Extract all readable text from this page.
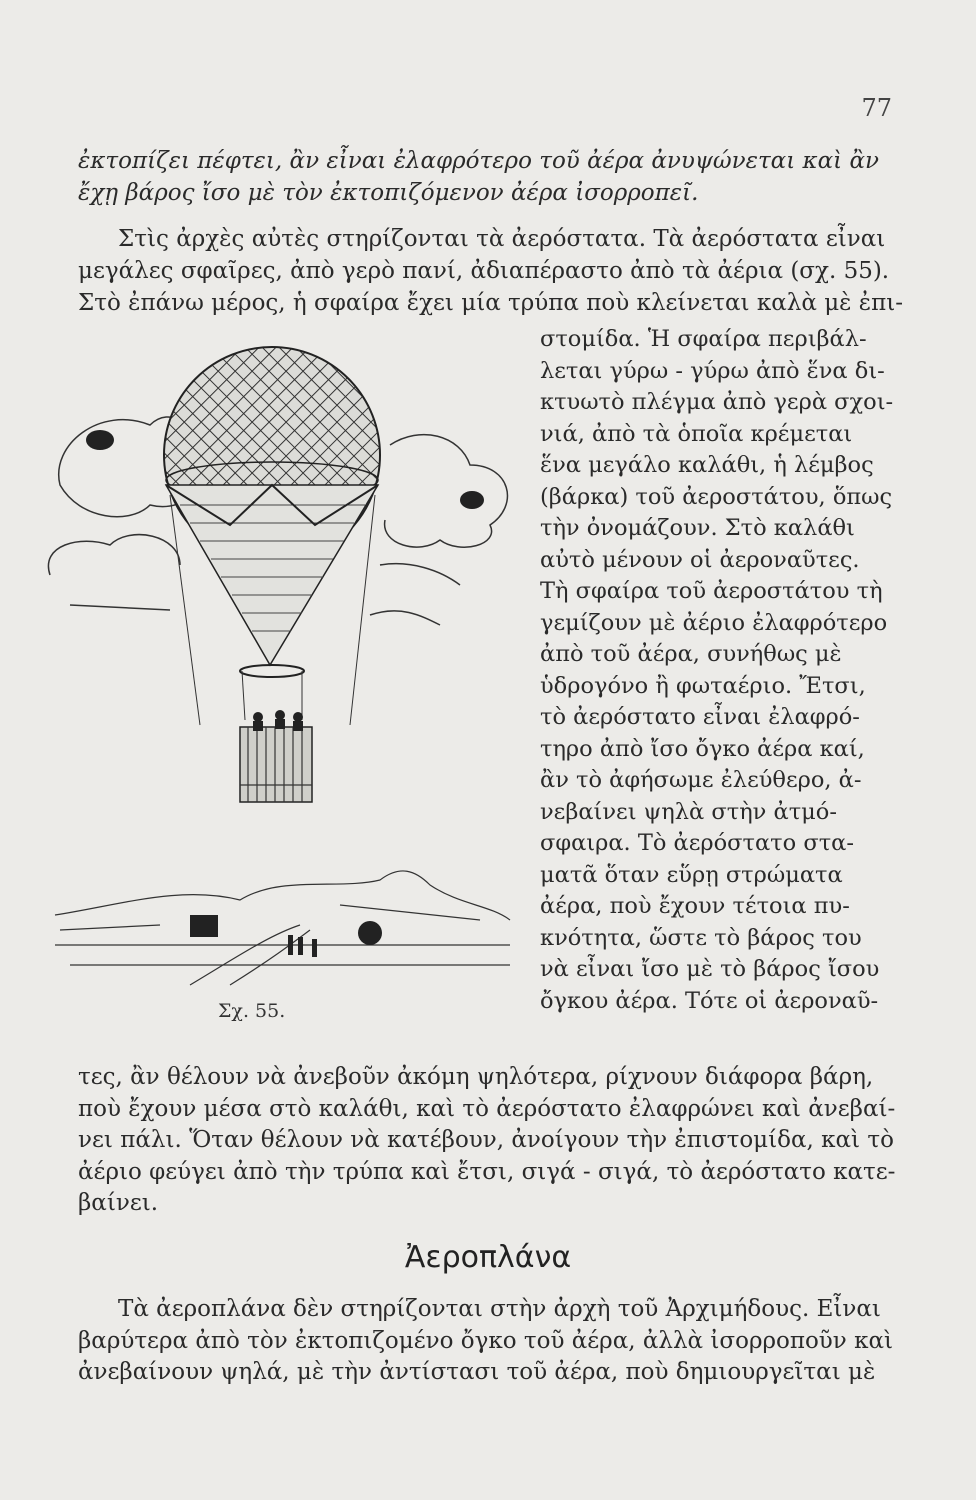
77
ἐκτοπίζει πέφτει, ἂν εἶναι ἐλαφρότερο τοῦ ἀέρα ἀνυψώνεται καὶ ἂν
ἔχῃ βάρος ἴσο μὲ τὸν ἐκτοπιζόμενον ἀέρα ἰσορροπεῖ.
Στὶς ἀρχὲς αὐτὲς στηρίζονται τὰ ἀερόστατα. Τὰ ἀερόστατα εἶναι
μεγάλες σφαῖρες, ἀπὸ γερὸ πανί, ἀδιαπέραστο ἀπὸ τὰ ἀέρια (σχ. 55).
Στὸ ἐπάνω μέρος, ἡ σφαίρα ἔχει μία τρύπα ποὺ κλείνεται καλὰ μὲ ἐπι-
Σχ. 55.
στομίδα. Ἡ σφαίρα περιβάλ-
λεται γύρω - γύρω ἀπὸ ἕνα δι-
κτυωτὸ πλέγμα ἀπὸ γερὰ σχοι-
νιά, ἀπὸ τὰ ὁποῖα κρέμεται
ἕνα μεγάλο καλάθι, ἡ λέμβος
(βάρκα) τοῦ ἀεροστάτου, ὅπως
τὴν ὀνομάζουν. Στὸ καλάθι
αὐτὸ μένουν οἱ ἀεροναῦτες.
Τὴ σφαίρα τοῦ ἀεροστάτου τὴ
γεμίζουν μὲ ἀέριο ἐλαφρότερο
ἀπὸ τοῦ ἀέρα, συνήθως μὲ
ὑδρογόνο ἢ φωταέριο. Ἔτσι,
τὸ ἀερόστατο εἶναι ἐλαφρό-
τηρο ἀπὸ ἴσο ὄγκο ἀέρα καί,
ἂν τὸ ἀφήσωμε ἐλεύθερο, ἀ-
νεβαίνει ψηλὰ στὴν ἀτμό-
σφαιρα. Τὸ ἀερόστατο στα-
ματᾶ ὅταν εὕρῃ στρώματα
ἀέρα, ποὺ ἔχουν τέτοια πυ-
κνότητα, ὥστε τὸ βάρος του
νὰ εἶναι ἴσο μὲ τὸ βάρος ἴσου
ὄγκου ἀέρα. Τότε οἱ ἀεροναῦ-
τες, ἂν θέλουν νὰ ἀνεβοῦν ἀκόμη ψηλότερα, ρίχνουν διάφορα βάρη,
ποὺ ἔχουν μέσα στὸ καλάθι, καὶ τὸ ἀερόστατο ἐλαφρώνει καὶ ἀνεβαί-
νει πάλι. Ὅταν θέλουν νὰ κατέβουν, ἀνοίγουν τὴν ἐπιστομίδα, καὶ τὸ
ἀέριο φεύγει ἀπὸ τὴν τρύπα καὶ ἔτσι, σιγά - σιγά, τὸ ἀερόστατο κατε-
βαίνει.
Ἀεροπλάνα
Τὰ ἀεροπλάνα δὲν στηρίζονται στὴν ἀρχὴ τοῦ Ἀρχιμήδους. Εἶναι
βαρύτερα ἀπὸ τὸν ἐκτοπιζομένο ὄγκο τοῦ ἀέρα, ἀλλὰ ἰσορροποῦν καὶ
ἀνεβαίνουν ψηλά, μὲ τὴν ἀντίστασι τοῦ ἀέρα, ποὺ δημιουργεῖται μὲ
